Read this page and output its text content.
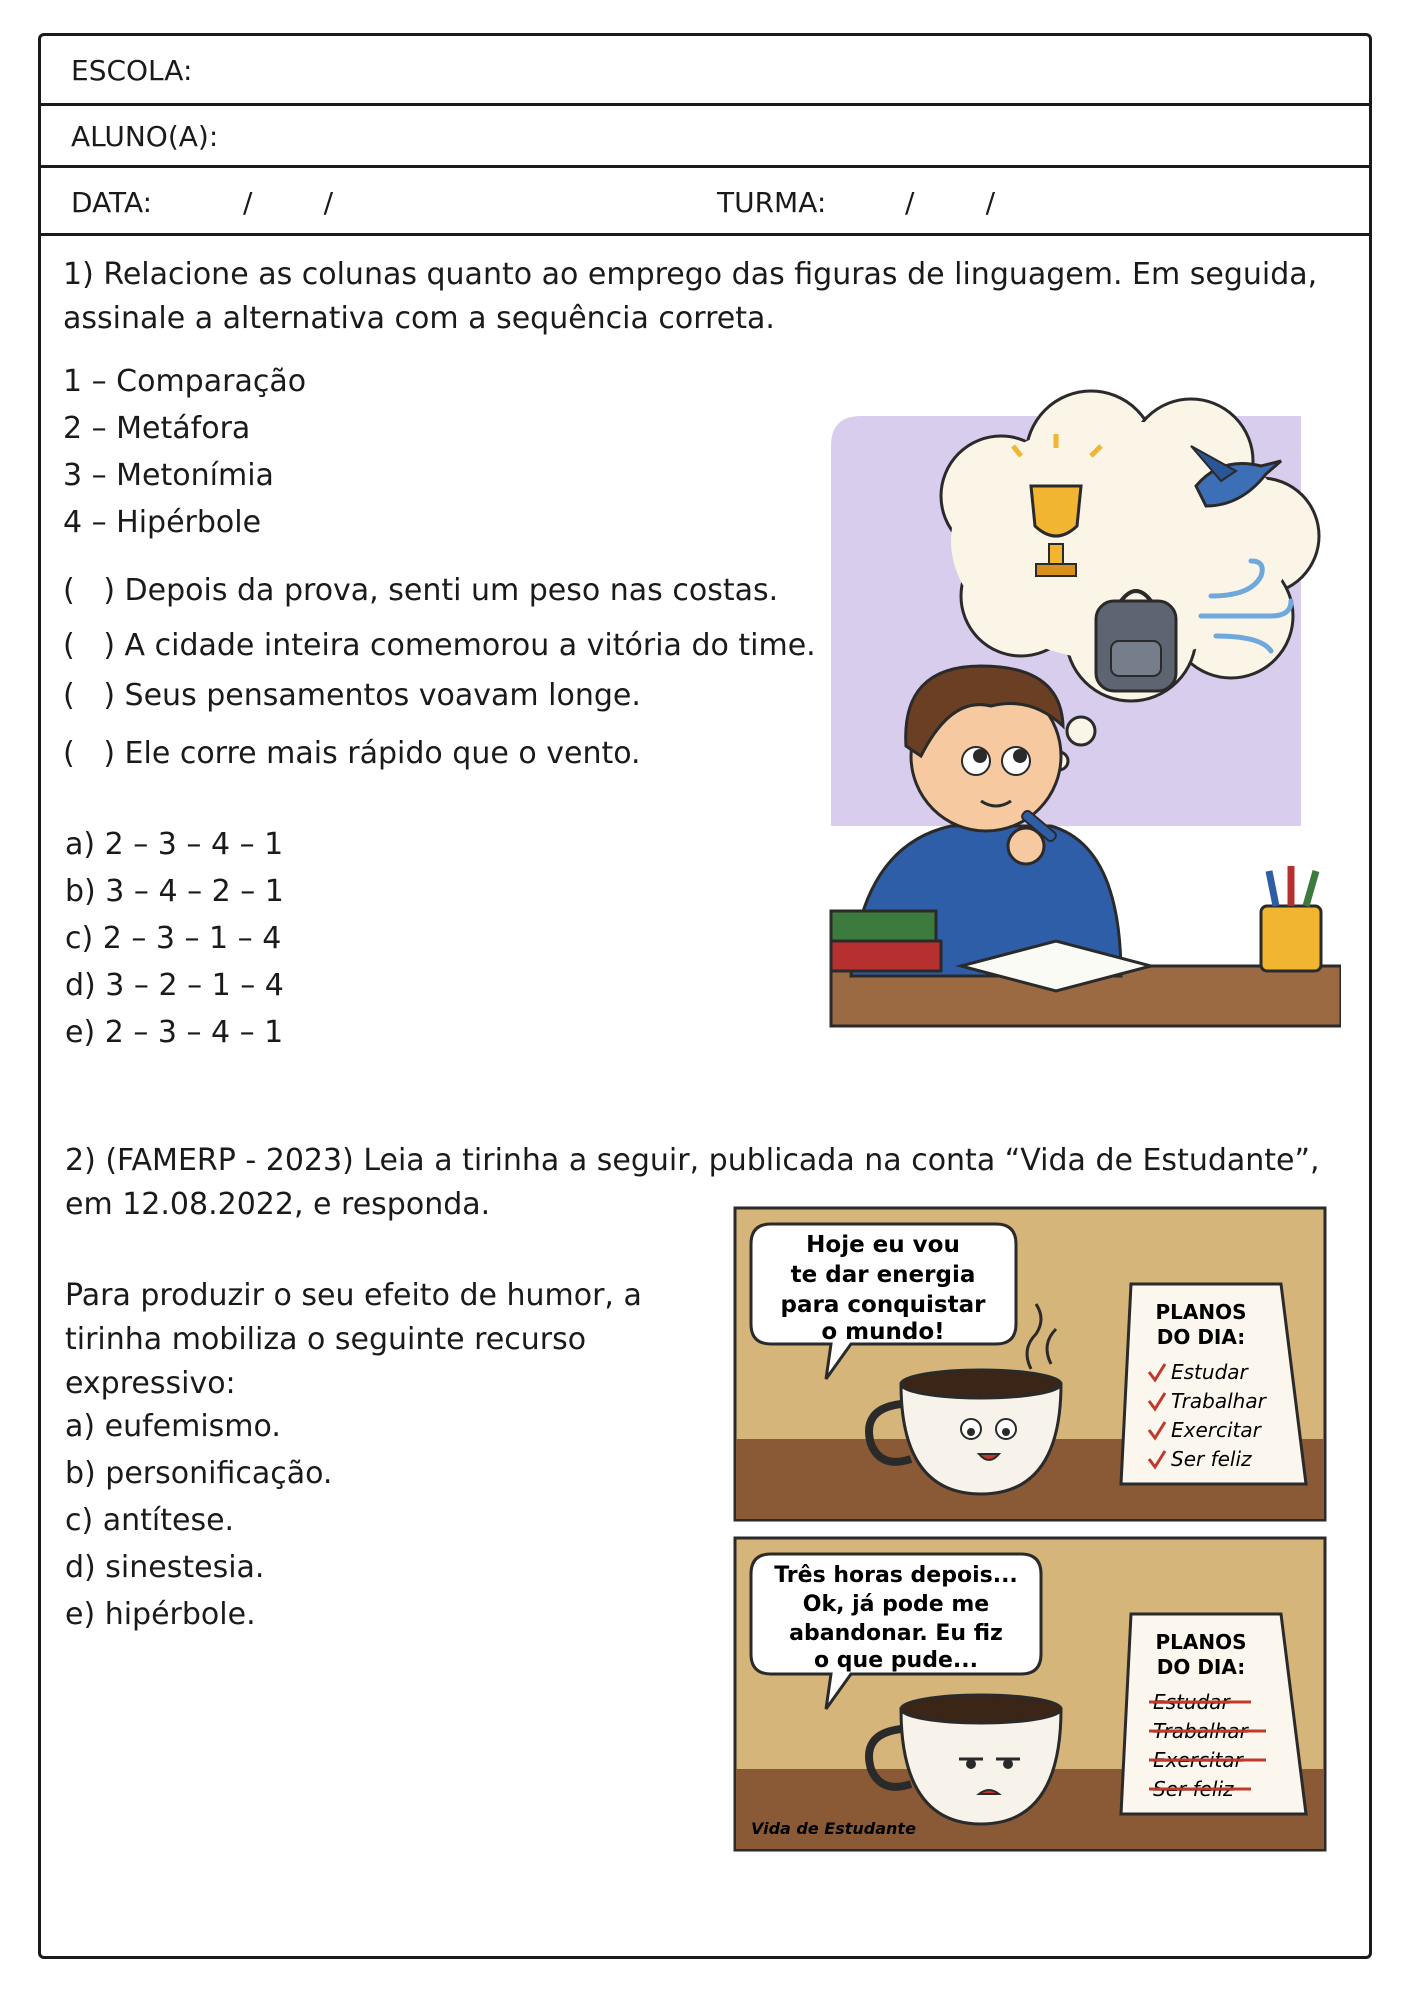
ESCOLA:
ALUNO(A):
DATA:	/        /	TURMA:	/        /
1) Relacione as colunas quanto ao emprego das figuras de linguagem. Em seguida, assinale a alternativa com a sequência correta.
1 – Comparação
2 – Metáfora
3 – Metonímia
4 – Hipérbole
(   ) Depois da prova, senti um peso nas costas.
(   ) A cidade inteira comemorou a vitória do time.
(   ) Seus pensamentos voavam longe.
(   ) Ele corre mais rápido que o vento.
a) 2 – 3 – 4 – 1
b) 3 – 4 – 2 – 1
c) 2 – 3 – 1 – 4
d) 3 – 2 – 1 – 4
e) 2 – 3 – 4 – 1
2) (FAMERP - 2023) Leia a tirinha a seguir, publicada na conta “Vida de Estudante”, em 12.08.2022, e responda.
Para produzir o seu efeito de humor, a tirinha mobiliza o seguinte recurso expressivo:
a) eufemismo.
b) personificação.
c) antítese.
d) sinestesia.
e) hipérbole.
Hoje eu vou
te dar energia
para conquistar
o mundo!
PLANOS
DO DIA:
Estudar
Trabalhar
Exercitar
Ser feliz
Três horas depois...
Ok, já pode me
abandonar. Eu fiz
o que pude...
PLANOS
DO DIA:
Estudar
Trabalhar
Exercitar
Ser feliz
Vida de Estudante
